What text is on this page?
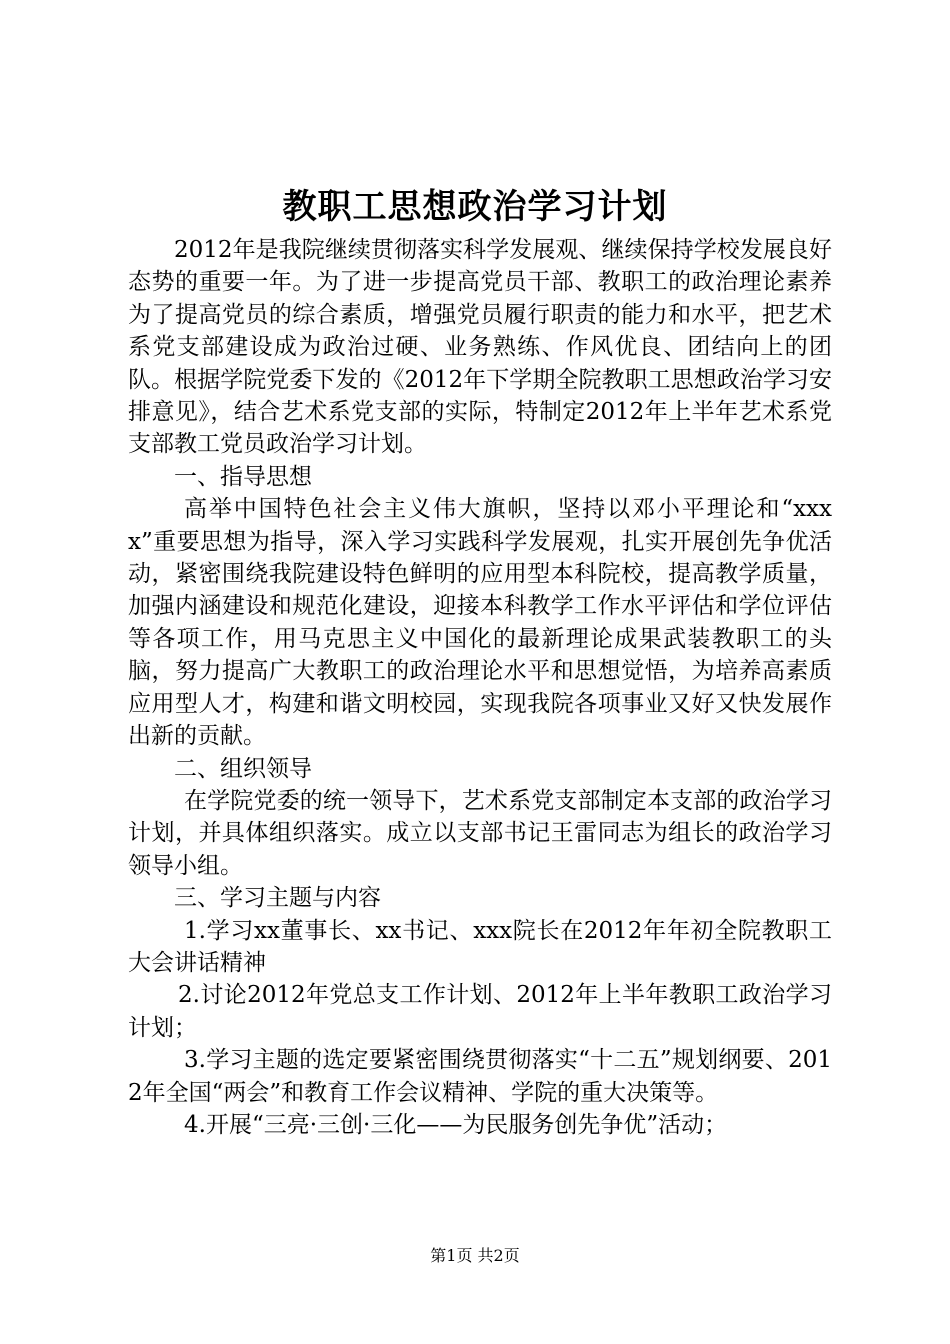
教职工思想政治学习计划

2012年是我院继续贯彻落实科学发展观、继续保持学校发展良好态势的重要一年。为了进一步提高党员干部、教职工的政治理论素养为了提高党员的综合素质，增强党员履行职责的能力和水平，把艺术系党支部建设成为政治过硬、业务熟练、作风优良、团结向上的团队。根据学院党委下发的《2012年下学期全院教职工思想政治学习安排意见》，结合艺术系党支部的实际，特制定2012年上半年艺术系党支部教工党员政治学习计划。

一、指导思想

高举中国特色社会主义伟大旗帜，坚持以邓小平理论和“xxxx”重要思想为指导，深入学习实践科学发展观，扎实开展创先争优活动，紧密围绕我院建设特色鲜明的应用型本科院校，提高教学质量，加强内涵建设和规范化建设，迎接本科教学工作水平评估和学位评估等各项工作，用马克思主义中国化的最新理论成果武装教职工的头脑，努力提高广大教职工的政治理论水平和思想觉悟，为培养高素质应用型人才，构建和谐文明校园，实现我院各项事业又好又快发展作出新的贡献。

二、组织领导

在学院党委的统一领导下，艺术系党支部制定本支部的政治学习计划，并具体组织落实。成立以支部书记王雷同志为组长的政治学习领导小组。

三、学习主题与内容

1.学习xx董事长、xx书记、xxx院长在2012年年初全院教职工大会讲话精神

2.讨论2012年党总支工作计划、2012年上半年教职工政治学习计划；

3.学习主题的选定要紧密围绕贯彻落实“十二五”规划纲要、2012年全国“两会”和教育工作会议精神、学院的重大决策等。

4.开展“三亮·三创·三化——为民服务创先争优”活动；

第1页 共2页
